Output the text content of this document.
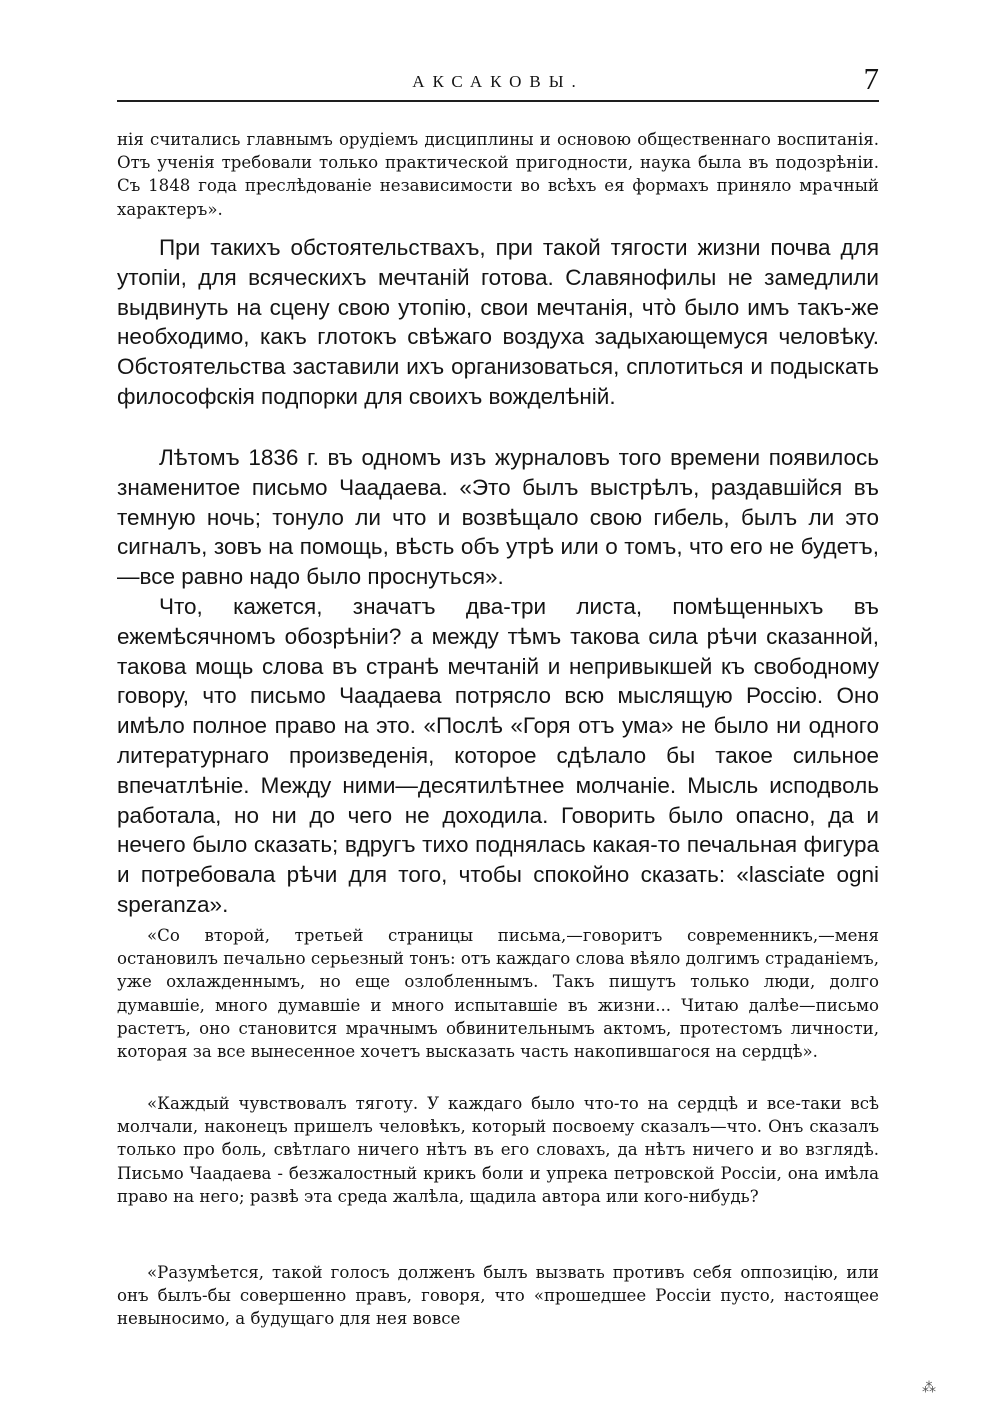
АКСАКОВЫ.	7

нія считались главнымъ орудіемъ дисциплины и основою общественнаго воспитанія. Отъ ученія требовали только практической пригодности, наука была въ подозрѣніи. Съ 1848 года преслѣдованіе независимости во всѣхъ ея формахъ приняло мрачный характеръ».

При такихъ обстоятельствахъ, при такой тягости жизни почва для утопіи, для всяческихъ мечтаній готова. Славянофилы не замедлили выдвинуть на сцену свою утопію, свои мечтанія, что̀ было имъ такъ-же необходимо, какъ глотокъ свѣжаго воздуха задыхающемуся человѣку. Обстоятельства заставили ихъ организоваться, сплотиться и подыскать философскія подпорки для своихъ вожделѣній.

Лѣтомъ 1836 г. въ одномъ изъ журналовъ того времени появилось знаменитое письмо Чаадаева. «Это былъ выстрѣлъ, раздавшійся въ темную ночь; тонуло ли что и возвѣщало свою гибель, былъ ли это сигналъ, зовъ на помощь, вѣсть объ утрѣ или о томъ, что его не будетъ,—все равно надо было проснуться».

Что, кажется, значатъ два-три листа, помѣщенныхъ въ ежемѣсячномъ обозрѣніи? а между тѣмъ такова сила рѣчи сказанной, такова мощь слова въ странѣ мечтаній и непривыкшей къ свободному говору, что письмо Чаадаева потрясло всю мыслящую Россію. Оно имѣло полное право на это. «Послѣ «Горя отъ ума» не было ни одного литературнаго произведенія, которое сдѣлало бы такое сильное впечатлѣніе. Между ними—десятилѣтнее молчаніе. Мысль исподволь работала, но ни до чего не доходила. Говорить было опасно, да и нечего было сказать; вдругъ тихо поднялась какая-то печальная фигура и потребовала рѣчи для того, чтобы спокойно сказать: «lasciate ogni speranza».

«Со второй, третьей страницы письма,—говоритъ современникъ,—меня остановилъ печально серьезный тонъ: отъ каждаго слова вѣяло долгимъ страданіемъ, уже охлажденнымъ, но еще озлобленнымъ. Такъ пишутъ только люди, долго думавшіе, много думавшіе и много испытавшіе въ жизни... Читаю далѣе—письмо растетъ, оно становится мрачнымъ обвинительнымъ актомъ, протестомъ личности, которая за все вынесенное хочетъ высказать часть накопившагося на сердцѣ».

«Каждый чувствовалъ тяготу. У каждаго было что-то на сердцѣ и все-таки всѣ молчали, наконецъ пришелъ человѣкъ, который посвоему сказалъ—что. Онъ сказалъ только про боль, свѣтлаго ничего нѣтъ въ его словахъ, да нѣтъ ничего и во взглядѣ. Письмо Чаадаева - безжалостный крикъ боли и упрека петровской Россіи, она имѣла право на него; развѣ эта среда жалѣла, щадила автора или кого-нибудь?

«Разумѣется, такой голосъ долженъ былъ вызвать противъ себя оппозицію, или онъ былъ-бы совершенно правъ, говоря, что «прошедшее Россіи пусто, настоящее невыносимо, а будущаго для нея вовсе

⁂
